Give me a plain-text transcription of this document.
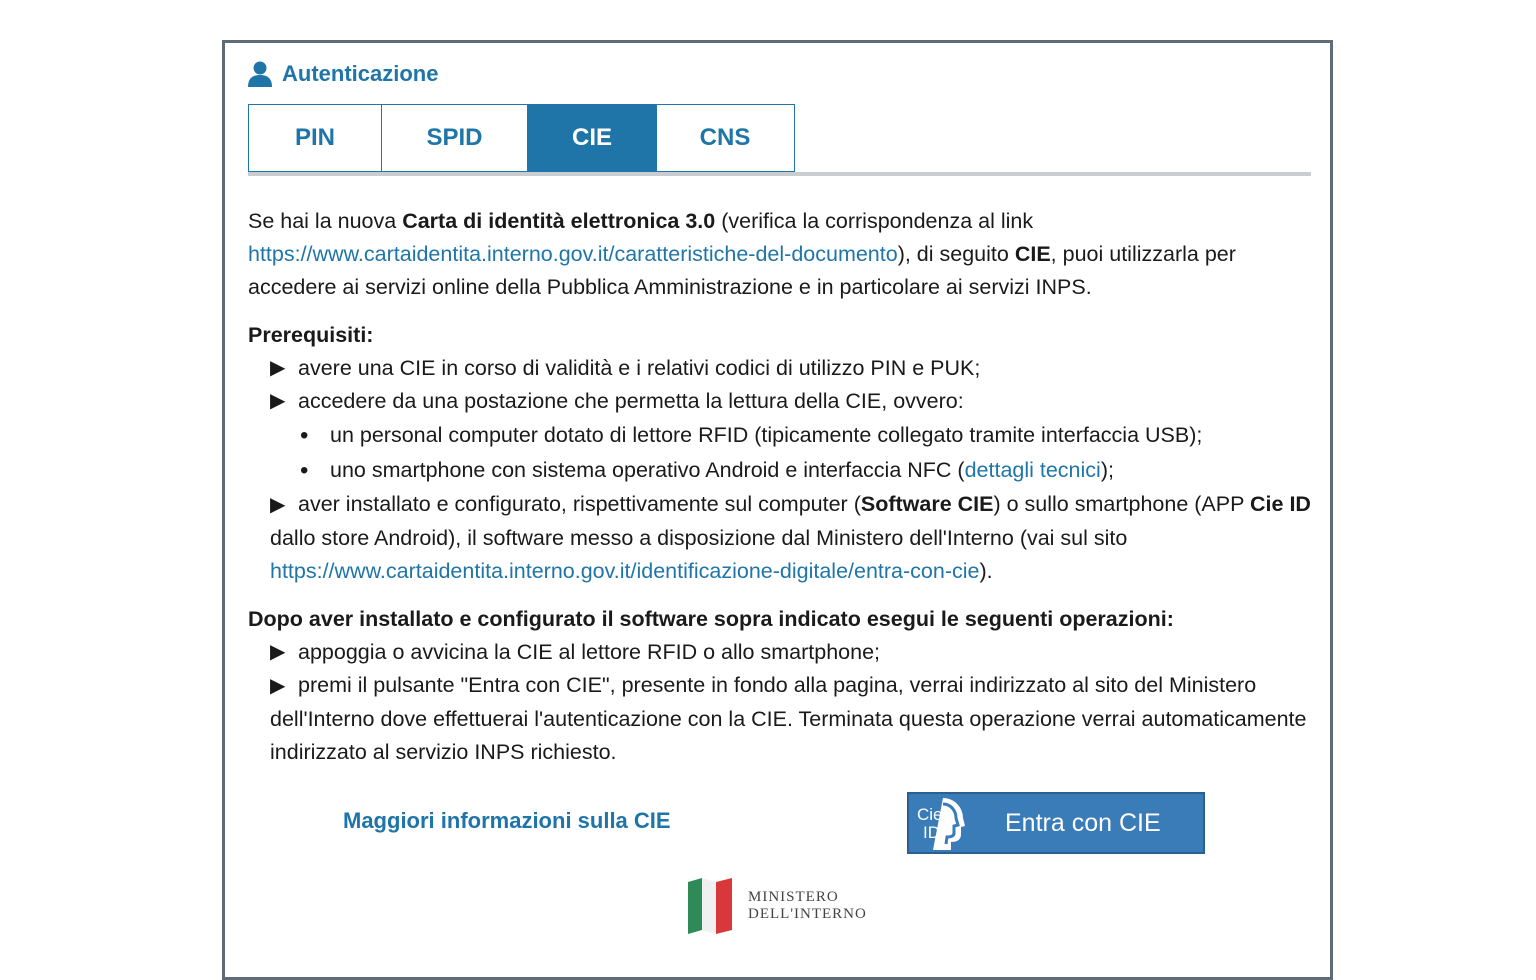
Autenticazione
PIN	SPID	CIE	CNS

Se hai la nuova Carta di identità elettronica 3.0 (verifica la corrispondenza al link https://www.cartaidentita.interno.gov.it/caratteristiche-del-documento), di seguito CIE, puoi utilizzarla per accedere ai servizi online della Pubblica Amministrazione e in particolare ai servizi INPS.

Prerequisiti:

▶ avere una CIE in corso di validità e i relativi codici di utilizzo PIN e PUK;
▶ accedere da una postazione che permetta la lettura della CIE, ovvero:
•	un personal computer dotato di lettore RFID (tipicamente collegato tramite interfaccia USB);
•	uno smartphone con sistema operativo Android e interfaccia NFC (dettagli tecnici);
▶ aver installato e configurato, rispettivamente sul computer (Software CIE) o sullo smartphone (APP Cie ID dallo store Android), il software messo a disposizione dal Ministero dell'Interno (vai sul sito https://www.cartaidentita.interno.gov.it/identificazione-digitale/entra-con-cie).

Dopo aver installato e configurato il software sopra indicato esegui le seguenti operazioni:

▶ appoggia o avvicina la CIE al lettore RFID o allo smartphone;
▶ premi il pulsante "Entra con CIE", presente in fondo alla pagina, verrai indirizzato al sito del Ministero dell'Interno dove effettuerai l'autenticazione con la CIE. Terminata questa operazione verrai automaticamente indirizzato al servizio INPS richiesto.
Maggiori informazioni sulla CIE	Cie
ID	Entra con CIE
MINISTERO
DELL'INTERNO
